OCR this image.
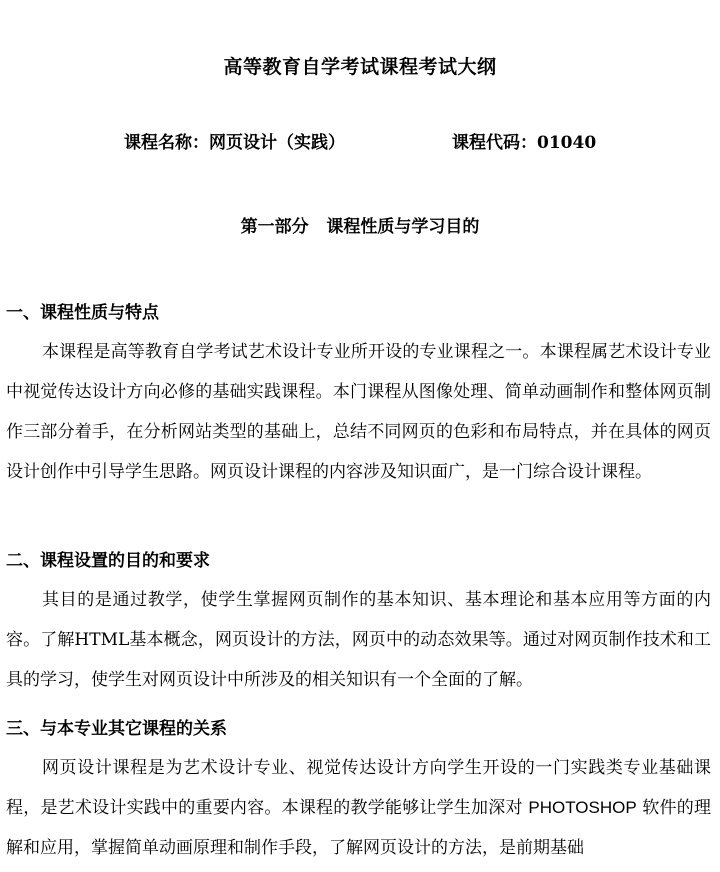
高等教育自学考试课程考试大纲
课程名称：网页设计（实践）	课程代码：01040
第一部分   课程性质与学习目的
一、课程性质与特点

本课程是高等教育自学考试艺术设计专业所开设的专业课程之一。本课程属艺术设计专业中视觉传达设计方向必修的基础实践课程。本门课程从图像处理、简单动画制作和整体网页制作三部分着手，在分析网站类型的基础上，总结不同网页的色彩和布局特点，并在具体的网页设计创作中引导学生思路。网页设计课程的内容涉及知识面广，是一门综合设计课程。

二、课程设置的目的和要求

其目的是通过教学，使学生掌握网页制作的基本知识、基本理论和基本应用等方面的内容。了解HTML基本概念，网页设计的方法，网页中的动态效果等。通过对网页制作技术和工具的学习，使学生对网页设计中所涉及的相关知识有一个全面的了解。

三、与本专业其它课程的关系

网页设计课程是为艺术设计专业、视觉传达设计方向学生开设的一门实践类专业基础课程，是艺术设计实践中的重要内容。本课程的教学能够让学生加深对 PHOTOSHOP 软件的理解和应用，掌握简单动画原理和制作手段，了解网页设计的方法，是前期基础
